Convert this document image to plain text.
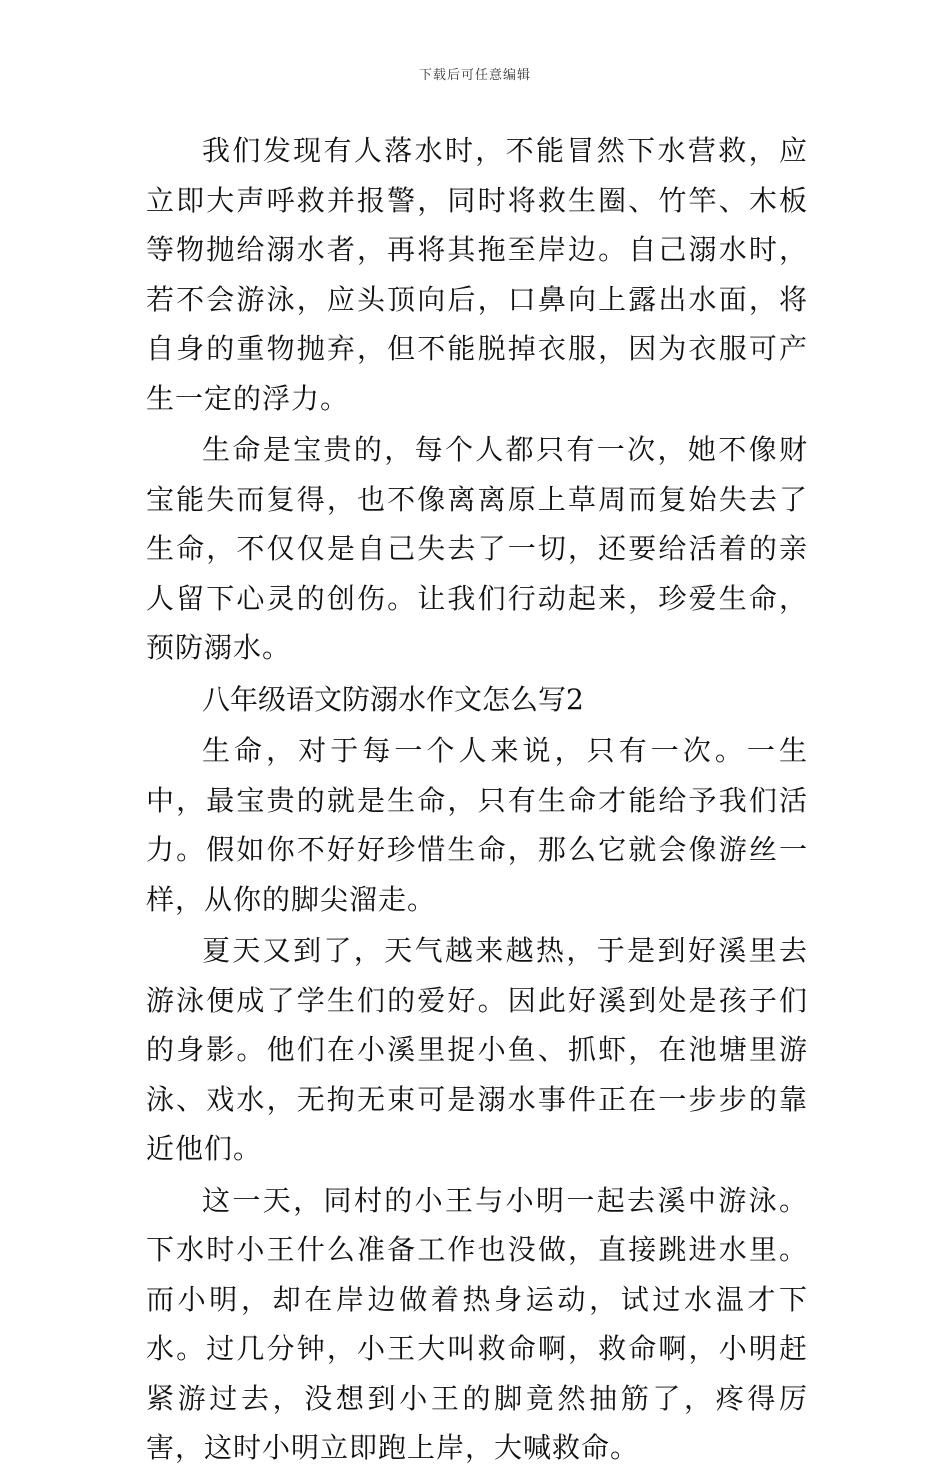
下载后可任意编辑

我们发现有人落水时，不能冒然下水营救，应立即大声呼救并报警，同时将救生圈、竹竿、木板等物抛给溺水者，再将其拖至岸边。自己溺水时，若不会游泳，应头顶向后，口鼻向上露出水面，将自身的重物抛弃，但不能脱掉衣服，因为衣服可产生一定的浮力。

生命是宝贵的，每个人都只有一次，她不像财宝能失而复得，也不像离离原上草周而复始失去了生命，不仅仅是自己失去了一切，还要给活着的亲人留下心灵的创伤。让我们行动起来，珍爱生命，预防溺水。

八年级语文防溺水作文怎么写2

生命，对于每一个人来说，只有一次。一生中，最宝贵的就是生命，只有生命才能给予我们活力。假如你不好好珍惜生命，那么它就会像游丝一样，从你的脚尖溜走。

夏天又到了，天气越来越热，于是到好溪里去游泳便成了学生们的爱好。因此好溪到处是孩子们的身影。他们在小溪里捉小鱼、抓虾，在池塘里游泳、戏水，无拘无束可是溺水事件正在一步步的靠近他们。

这一天，同村的小王与小明一起去溪中游泳。下水时小王什么准备工作也没做，直接跳进水里。而小明，却在岸边做着热身运动，试过水温才下水。过几分钟，小王大叫救命啊，救命啊，小明赶紧游过去，没想到小王的脚竟然抽筋了，疼得厉害，这时小明立即跑上岸，大喊救命。
